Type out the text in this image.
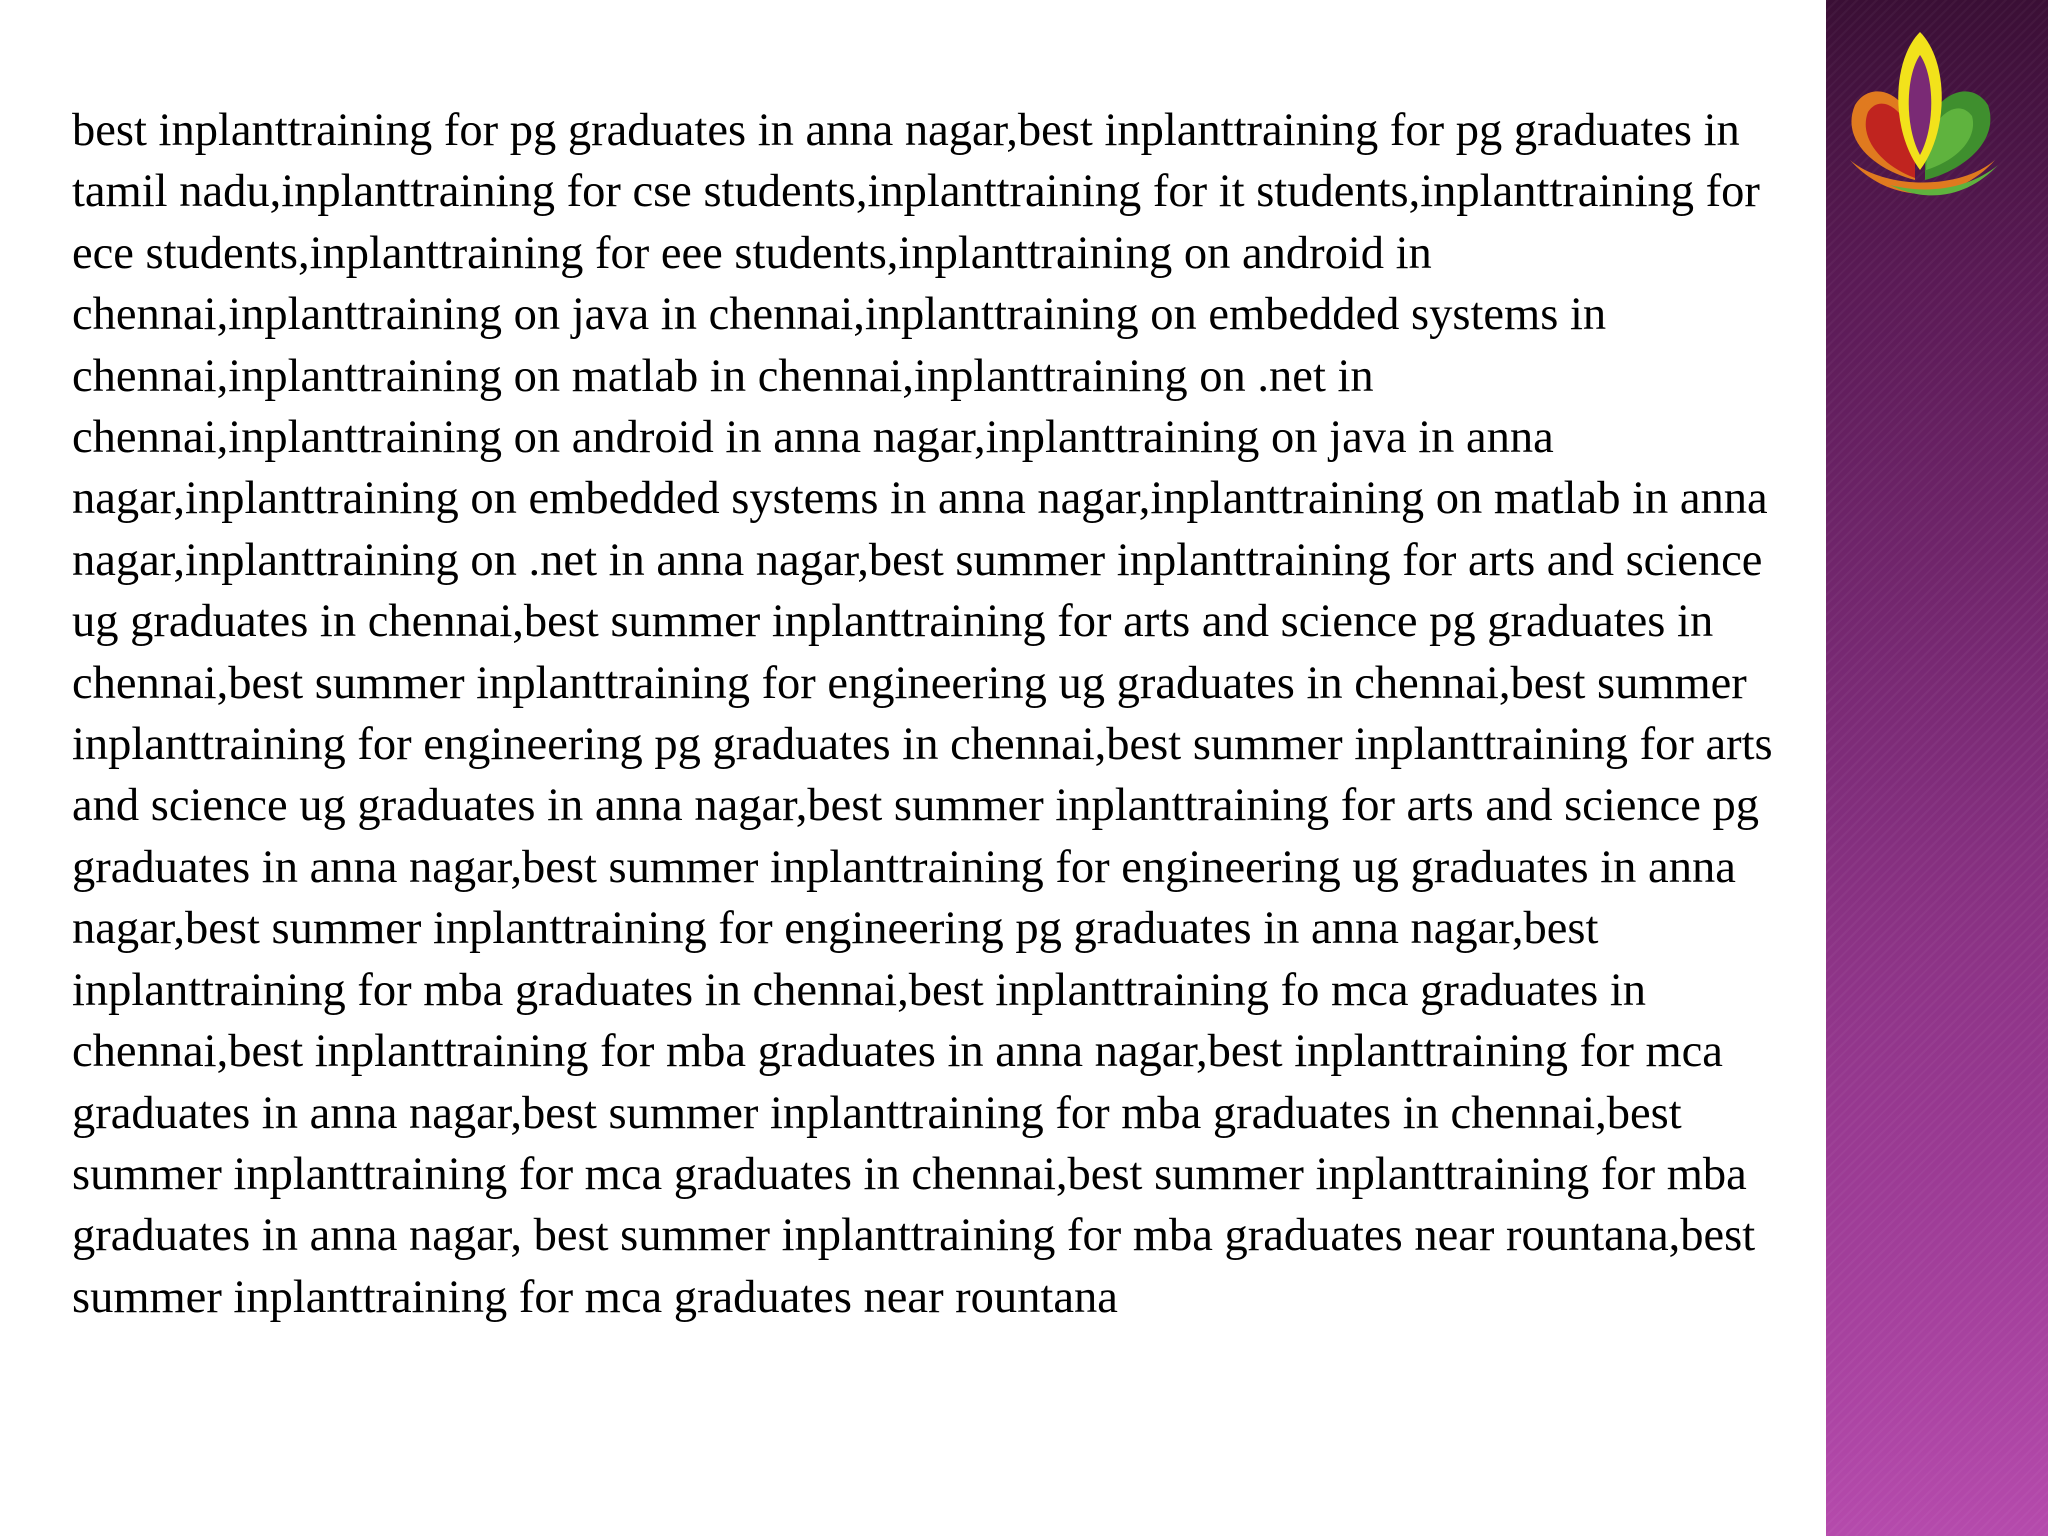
best inplanttraining for pg graduates in anna nagar,best inplanttraining for pg graduates in
tamil nadu,inplanttraining for cse students,inplanttraining for it students,inplanttraining for
ece students,inplanttraining for eee students,inplanttraining on android in
chennai,inplanttraining on java in chennai,inplanttraining on embedded systems in
chennai,inplanttraining on matlab in chennai,inplanttraining on .net in
chennai,inplanttraining on android in anna nagar,inplanttraining on java in anna
nagar,inplanttraining on embedded systems in anna nagar,inplanttraining on matlab in anna
nagar,inplanttraining on .net in anna nagar,best summer inplanttraining for arts and science
ug graduates in chennai,best summer inplanttraining for arts and science pg graduates in
chennai,best summer inplanttraining for engineering ug graduates in chennai,best summer
inplanttraining for engineering pg graduates in chennai,best summer inplanttraining for arts
and science ug graduates in anna nagar,best summer inplanttraining for arts and science pg
graduates in anna nagar,best summer inplanttraining for engineering ug graduates in anna
nagar,best summer inplanttraining for engineering pg graduates in anna nagar,best
inplanttraining for mba graduates in chennai,best inplanttraining fo mca graduates in
chennai,best inplanttraining for mba graduates in anna nagar,best inplanttraining for mca
graduates in anna nagar,best summer inplanttraining for mba graduates in chennai,best
summer inplanttraining for mca graduates in chennai,best summer inplanttraining for mba
graduates in anna nagar, best summer inplanttraining for mba graduates near rountana,best
summer inplanttraining for mca graduates near rountana
